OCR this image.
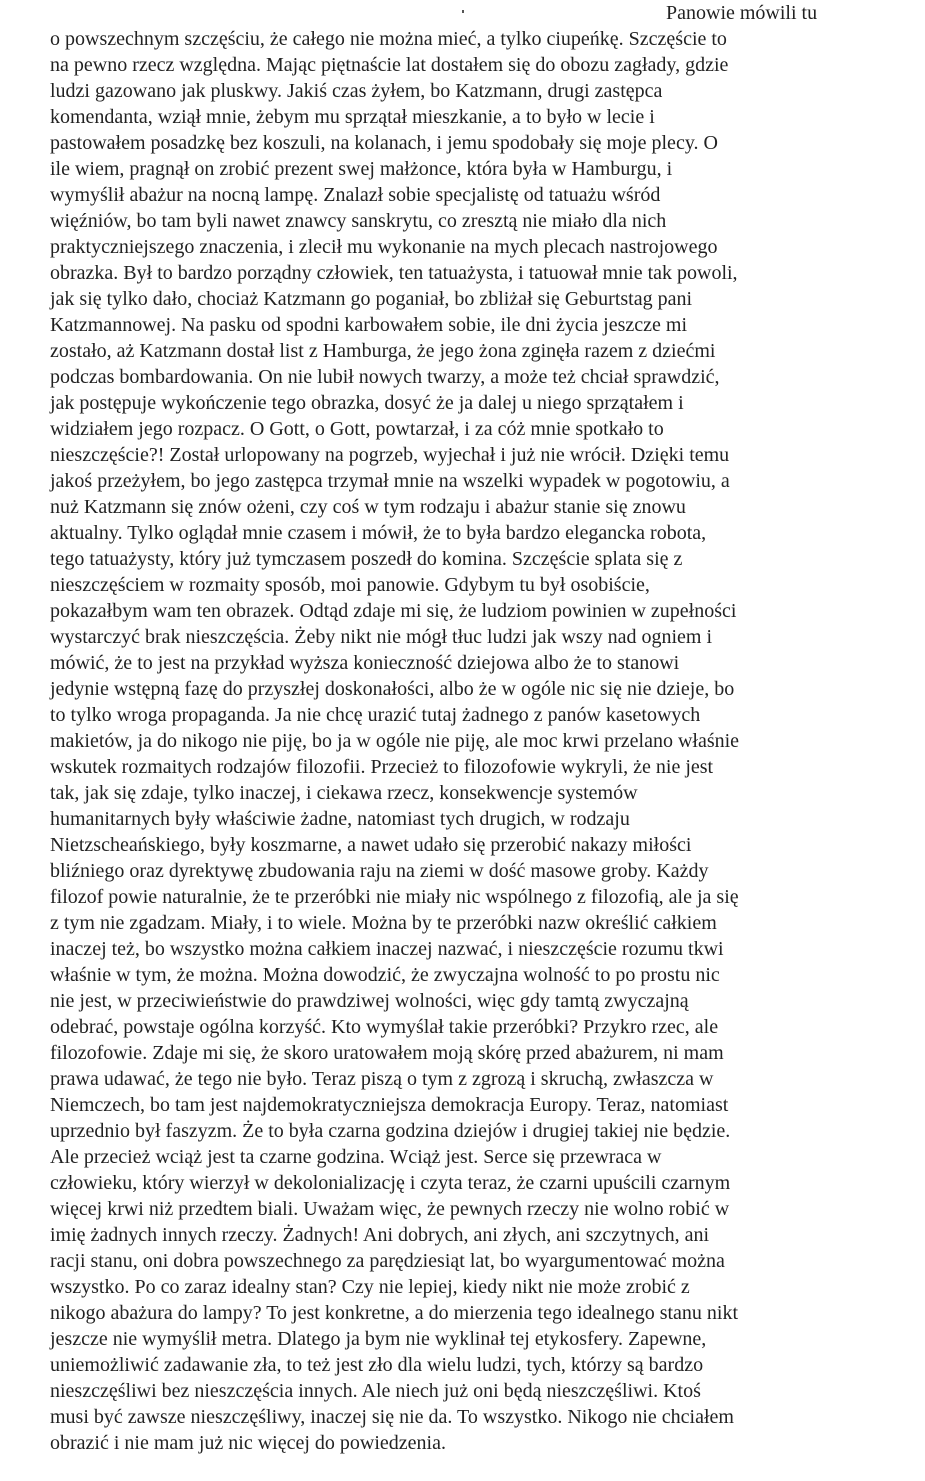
Panowie mówili tu
o powszechnym szczęściu, że całego nie można mieć, a tylko ciupeńkę. Szczęście to
na pewno rzecz względna. Mając piętnaście lat dostałem się do obozu zagłady, gdzie
ludzi gazowano jak pluskwy. Jakiś czas żyłem, bo Katzmann, drugi zastępca
komendanta, wziął mnie, żebym mu sprzątał mieszkanie, a to było w lecie i
pastowałem posadzkę bez koszuli, na kolanach, i jemu spodobały się moje plecy. O
ile wiem, pragnął on zrobić prezent swej małżonce, która była w Hamburgu, i
wymyślił abażur na nocną lampę. Znalazł sobie specjalistę od tatuażu wśród
więźniów, bo tam byli nawet znawcy sanskrytu, co zresztą nie miało dla nich
praktyczniejszego znaczenia, i zlecił mu wykonanie na mych plecach nastrojowego
obrazka. Był to bardzo porządny człowiek, ten tatuażysta, i tatuował mnie tak powoli,
jak się tylko dało, chociaż Katzmann go poganiał, bo zbliżał się Geburtstag pani
Katzmannowej. Na pasku od spodni karbowałem sobie, ile dni życia jeszcze mi
zostało, aż Katzmann dostał list z Hamburga, że jego żona zginęła razem z dziećmi
podczas bombardowania. On nie lubił nowych twarzy, a może też chciał sprawdzić,
jak postępuje wykończenie tego obrazka, dosyć że ja dalej u niego sprzątałem i
widziałem jego rozpacz. O Gott, o Gott, powtarzał, i za cóż mnie spotkało to
nieszczęście?! Został urlopowany na pogrzeb, wyjechał i już nie wrócił. Dzięki temu
jakoś przeżyłem, bo jego zastępca trzymał mnie na wszelki wypadek w pogotowiu, a
nuż Katzmann się znów ożeni, czy coś w tym rodzaju i abażur stanie się znowu
aktualny. Tylko oglądał mnie czasem i mówił, że to była bardzo elegancka robota,
tego tatuażysty, który już tymczasem poszedł do komina. Szczęście splata się z
nieszczęściem w rozmaity sposób, moi panowie. Gdybym tu był osobiście,
pokazałbym wam ten obrazek. Odtąd zdaje mi się, że ludziom powinien w zupełności
wystarczyć brak nieszczęścia. Żeby nikt nie mógł tłuc ludzi jak wszy nad ogniem i
mówić, że to jest na przykład wyższa konieczność dziejowa albo że to stanowi
jedynie wstępną fazę do przyszłej doskonałości, albo że w ogóle nic się nie dzieje, bo
to tylko wroga propaganda. Ja nie chcę urazić tutaj żadnego z panów kasetowych
makietów, ja do nikogo nie piję, bo ja w ogóle nie piję, ale moc krwi przelano właśnie
wskutek rozmaitych rodzajów filozofii. Przecież to filozofowie wykryli, że nie jest
tak, jak się zdaje, tylko inaczej, i ciekawa rzecz, konsekwencje systemów
humanitarnych były właściwie żadne, natomiast tych drugich, w rodzaju
Nietzscheańskiego, były koszmarne, a nawet udało się przerobić nakazy miłości
bliźniego oraz dyrektywę zbudowania raju na ziemi w dość masowe groby. Każdy
filozof powie naturalnie, że te przeróbki nie miały nic wspólnego z filozofią, ale ja się
z tym nie zgadzam. Miały, i to wiele. Można by te przeróbki nazw określić całkiem
inaczej też, bo wszystko można całkiem inaczej nazwać, i nieszczęście rozumu tkwi
właśnie w tym, że można. Można dowodzić, że zwyczajna wolność to po prostu nic
nie jest, w przeciwieństwie do prawdziwej wolności, więc gdy tamtą zwyczajną
odebrać, powstaje ogólna korzyść. Kto wymyślał takie przeróbki? Przykro rzec, ale
filozofowie. Zdaje mi się, że skoro uratowałem moją skórę przed abażurem, ni mam
prawa udawać, że tego nie było. Teraz piszą o tym z zgrozą i skruchą, zwłaszcza w
Niemczech, bo tam jest najdemokratyczniejsza demokracja Europy. Teraz, natomiast
uprzednio był faszyzm. Że to była czarna godzina dziejów i drugiej takiej nie będzie.
Ale przecież wciąż jest ta czarne godzina. Wciąż jest. Serce się przewraca w
człowieku, który wierzył w dekolonializację i czyta teraz, że czarni upuścili czarnym
więcej krwi niż przedtem biali. Uważam więc, że pewnych rzeczy nie wolno robić w
imię żadnych innych rzeczy. Żadnych! Ani dobrych, ani złych, ani szczytnych, ani
racji stanu, oni dobra powszechnego za parędziesiąt lat, bo wyargumentować można
wszystko. Po co zaraz idealny stan? Czy nie lepiej, kiedy nikt nie może zrobić z
nikogo abażura do lampy? To jest konkretne, a do mierzenia tego idealnego stanu nikt
jeszcze nie wymyślił metra. Dlatego ja bym nie wyklinał tej etykosfery. Zapewne,
uniemożliwić zadawanie zła, to też jest zło dla wielu ludzi, tych, którzy są bardzo
nieszczęśliwi bez nieszczęścia innych. Ale niech już oni będą nieszczęśliwi. Ktoś
musi być zawsze nieszczęśliwy, inaczej się nie da. To wszystko. Nikogo nie chciałem
obrazić i nie mam już nic więcej do powiedzenia.
